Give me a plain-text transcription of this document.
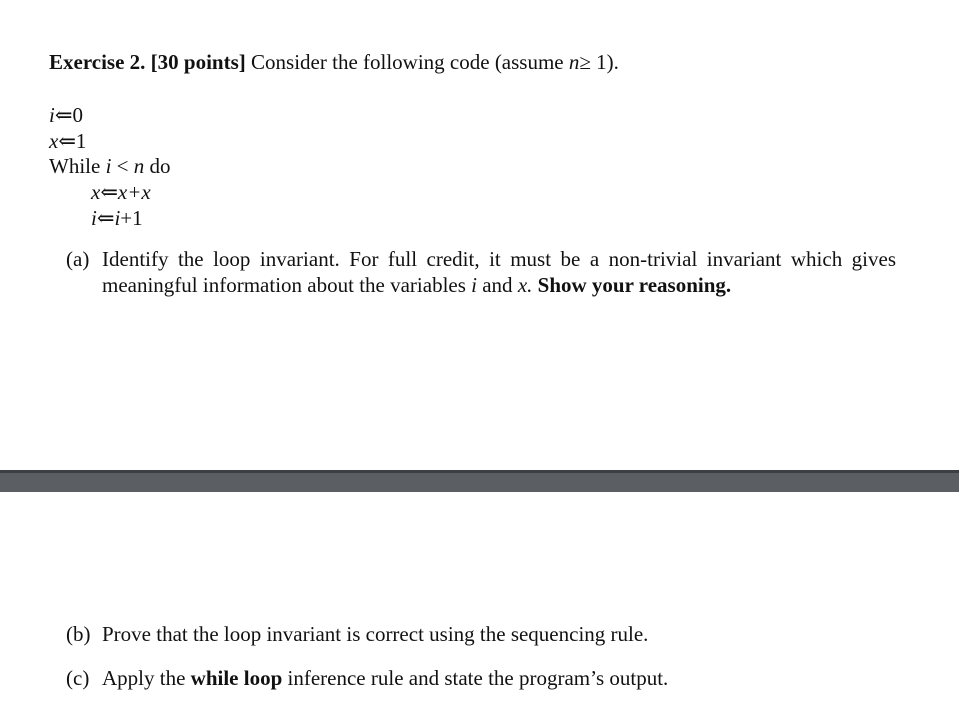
Exercise 2. [30 points] Consider the following code (assume n≥ 1).
i⇐0
x⇐1
While i < n do
x⇐x+x
i⇐i+1
(a) Identify the loop invariant. For full credit, it must be a non-trivial invariant which gives
meaningful information about the variables i and x. Show your reasoning.
(b) Prove that the loop invariant is correct using the sequencing rule.
(c) Apply the while loop inference rule and state the program’s output.
